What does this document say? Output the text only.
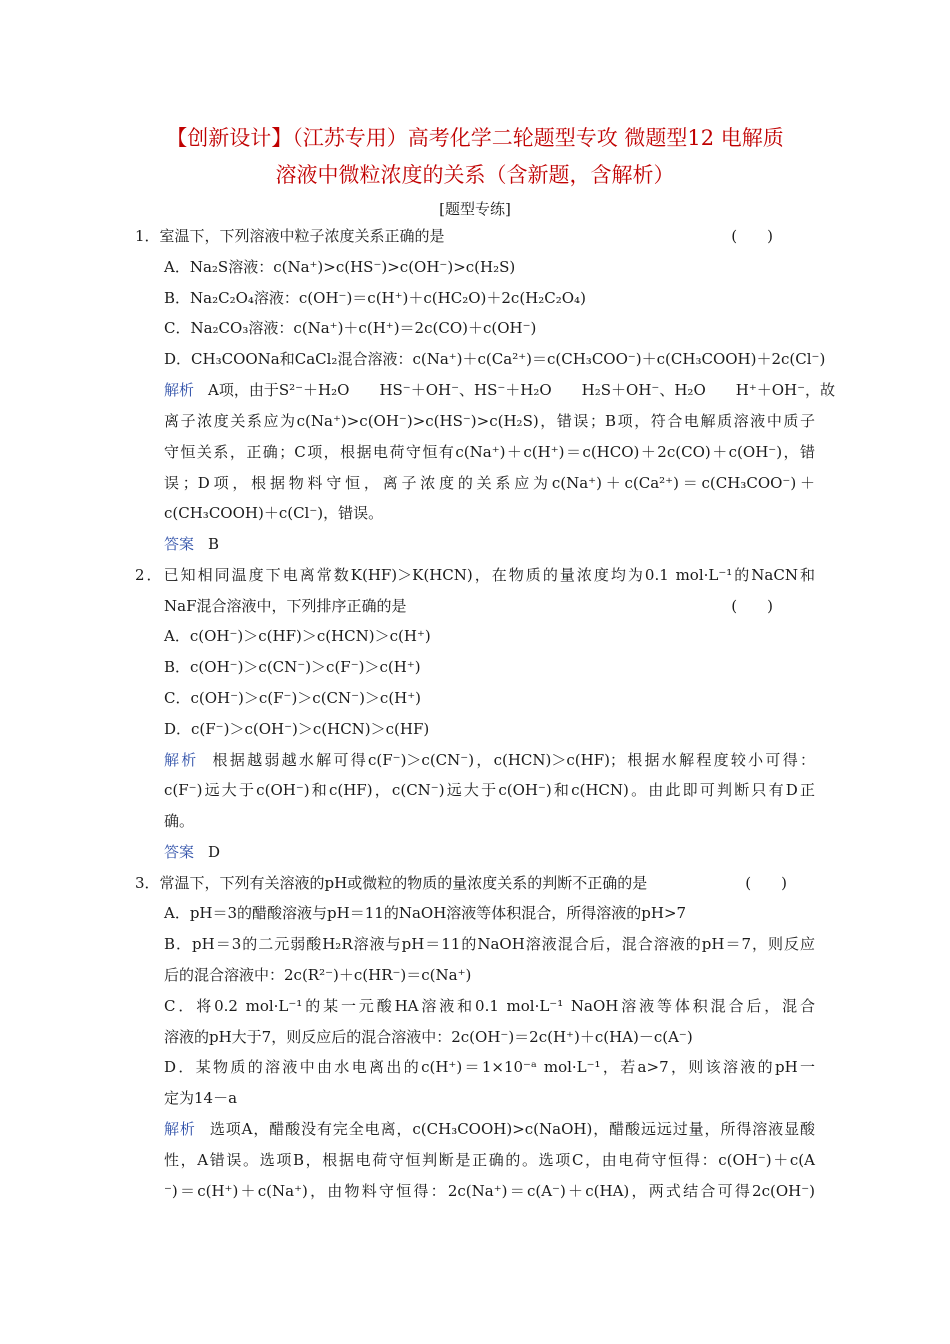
【创新设计】（江苏专用）高考化学二轮题型专攻 微题型12 电解质
溶液中微粒浓度的关系（含新题，含解析）
[题型专练]
1．室温下，下列溶液中粒子浓度关系正确的是	(　　)
A．Na₂S溶液：c(Na⁺)>c(HS⁻)>c(OH⁻)>c(H₂S)
B．Na₂C₂O₄溶液：c(OH⁻)＝c(H⁺)＋c(HC₂O)＋2c(H₂C₂O₄)
C．Na₂CO₃溶液：c(Na⁺)＋c(H⁺)＝2c(CO)＋c(OH⁻)
D．CH₃COONa和CaCl₂混合溶液：c(Na⁺)＋c(Ca²⁺)＝c(CH₃COO⁻)＋c(CH₃COOH)＋2c(Cl⁻)
解析 A项，由于S²⁻＋H₂O　　HS⁻＋OH⁻、HS⁻＋H₂O　　H₂S＋OH⁻、H₂O　　H⁺＋OH⁻，故
离子浓度关系应为c(Na⁺)>c(OH⁻)>c(HS⁻)>c(H₂S)，错误；B项，符合电解质溶液中质子
守恒关系，正确；C项，根据电荷守恒有c(Na⁺)＋c(H⁺)＝c(HCO)＋2c(CO)＋c(OH⁻)，错
误；D项，根据物料守恒，离子浓度的关系应为c(Na⁺)＋c(Ca²⁺)＝c(CH₃COO⁻)＋
c(CH₃COOH)＋c(Cl⁻)，错误。
答案 B
2．已知相同温度下电离常数K(HF)＞K(HCN)，在物质的量浓度均为0.1 mol·L⁻¹的NaCN和
NaF混合溶液中，下列排序正确的是	(　　)
A．c(OH⁻)＞c(HF)＞c(HCN)＞c(H⁺)
B．c(OH⁻)＞c(CN⁻)＞c(F⁻)＞c(H⁺)
C．c(OH⁻)＞c(F⁻)＞c(CN⁻)＞c(H⁺)
D．c(F⁻)＞c(OH⁻)＞c(HCN)＞c(HF)
解析 根据越弱越水解可得c(F⁻)＞c(CN⁻)，c(HCN)＞c(HF)；根据水解程度较小可得：
c(F⁻)远大于c(OH⁻)和c(HF)，c(CN⁻)远大于c(OH⁻)和c(HCN)。由此即可判断只有D正
确。
答案 D
3．常温下，下列有关溶液的pH或微粒的物质的量浓度关系的判断不正确的是	(　　)
A．pH＝3的醋酸溶液与pH＝11的NaOH溶液等体积混合，所得溶液的pH>7
B．pH＝3的二元弱酸H₂R溶液与pH＝11的NaOH溶液混合后，混合溶液的pH＝7，则反应
后的混合溶液中：2c(R²⁻)＋c(HR⁻)＝c(Na⁺)
C．将0.2 mol·L⁻¹的某一元酸HA溶液和0.1 mol·L⁻¹ NaOH溶液等体积混合后，混合
溶液的pH大于7，则反应后的混合溶液中：2c(OH⁻)＝2c(H⁺)＋c(HA)－c(A⁻)
D．某物质的溶液中由水电离出的c(H⁺)＝1×10⁻ᵃ mol·L⁻¹，若a>7，则该溶液的pH一
定为14－a
解析 选项A，醋酸没有完全电离，c(CH₃COOH)>c(NaOH)，醋酸远远过量，所得溶液显酸
性，A错误。选项B，根据电荷守恒判断是正确的。选项C，由电荷守恒得：c(OH⁻)＋c(A
⁻)＝c(H⁺)＋c(Na⁺)，由物料守恒得：2c(Na⁺)＝c(A⁻)＋c(HA)，两式结合可得2c(OH⁻)
